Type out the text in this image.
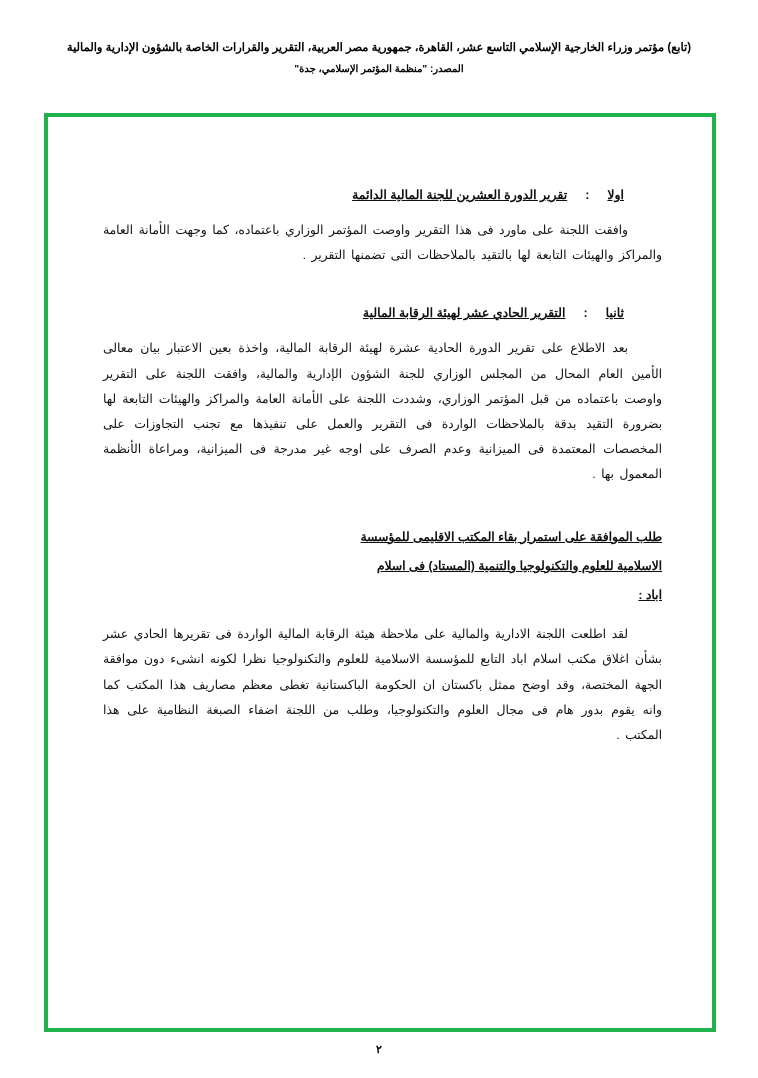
(تابع) مؤتمر وزراء الخارجية الإسلامي التاسع عشر، القاهرة، جمهورية مصر العربية، التقرير والقرارات الخاصة بالشؤون الإدارية والمالية
المصدر: "منظمة المؤتمر الإسلامي، جدة"
اولا
:
تقرير الدورة العشرين للجنة المالية الدائمة
وافقت اللجنة على ماورد فى هذا التقرير واوصت المؤتمر الوزاري باعتماده، كما وجهت الأمانة العامة والمراكز والهيئات التابعة لها بالتقيد بالملاحظات التى تضمنها التقرير .
ثانيا
:
التقرير الحادي عشر لهيئة الرقابة المالية
بعد الاطلاع على تقرير الدورة الحادية عشرة لهيئة الرقابة المالية، واخذة بعين الاعتبار بيان معالى الأمين العام المحال من المجلس الوزاري للجنة الشؤون الإدارية والمالية، وافقت اللجنة على التقرير واوصت باعتماده من قبل المؤتمر الوزاري، وشددت اللجنة على الأمانة العامة والمراكز والهيئات التابعة لها بضرورة التقيد بدقة بالملاحظات الواردة فى التقرير والعمل على تنفيذها مع تجنب التجاوزات على المخصصات المعتمدة فى الميزانية وعدم الصرف على اوجه غير مدرجة فى الميزانية، ومراعاة الأنظمة المعمول بها .
طلب الموافقة على استمرار بقاء المكتب الاقليمى للمؤسسة
الاسلامية للعلوم والتكنولوجيا والتنمية (المستاد) فى اسلام
اباد :
لقد اطلعت اللجنة الادارية والمالية على ملاحظة هيئة الرقابة المالية الواردة فى تقريرها الحادي عشر بشأن اغلاق مكتب اسلام اباد التابع للمؤسسة الاسلامية للعلوم والتكنولوجيا نظرا لكونه انشىء دون موافقة الجهة المختصة، وقد اوضح ممثل باكستان ان الحكومة الباكستانية تغطى معظم مصاريف هذا المكتب كما وانه يقوم بدور هام فى مجال العلوم والتكنولوجيا، وطلب من اللجنة اضفاء الصبغة النظامية على هذا المكتب .
٢
